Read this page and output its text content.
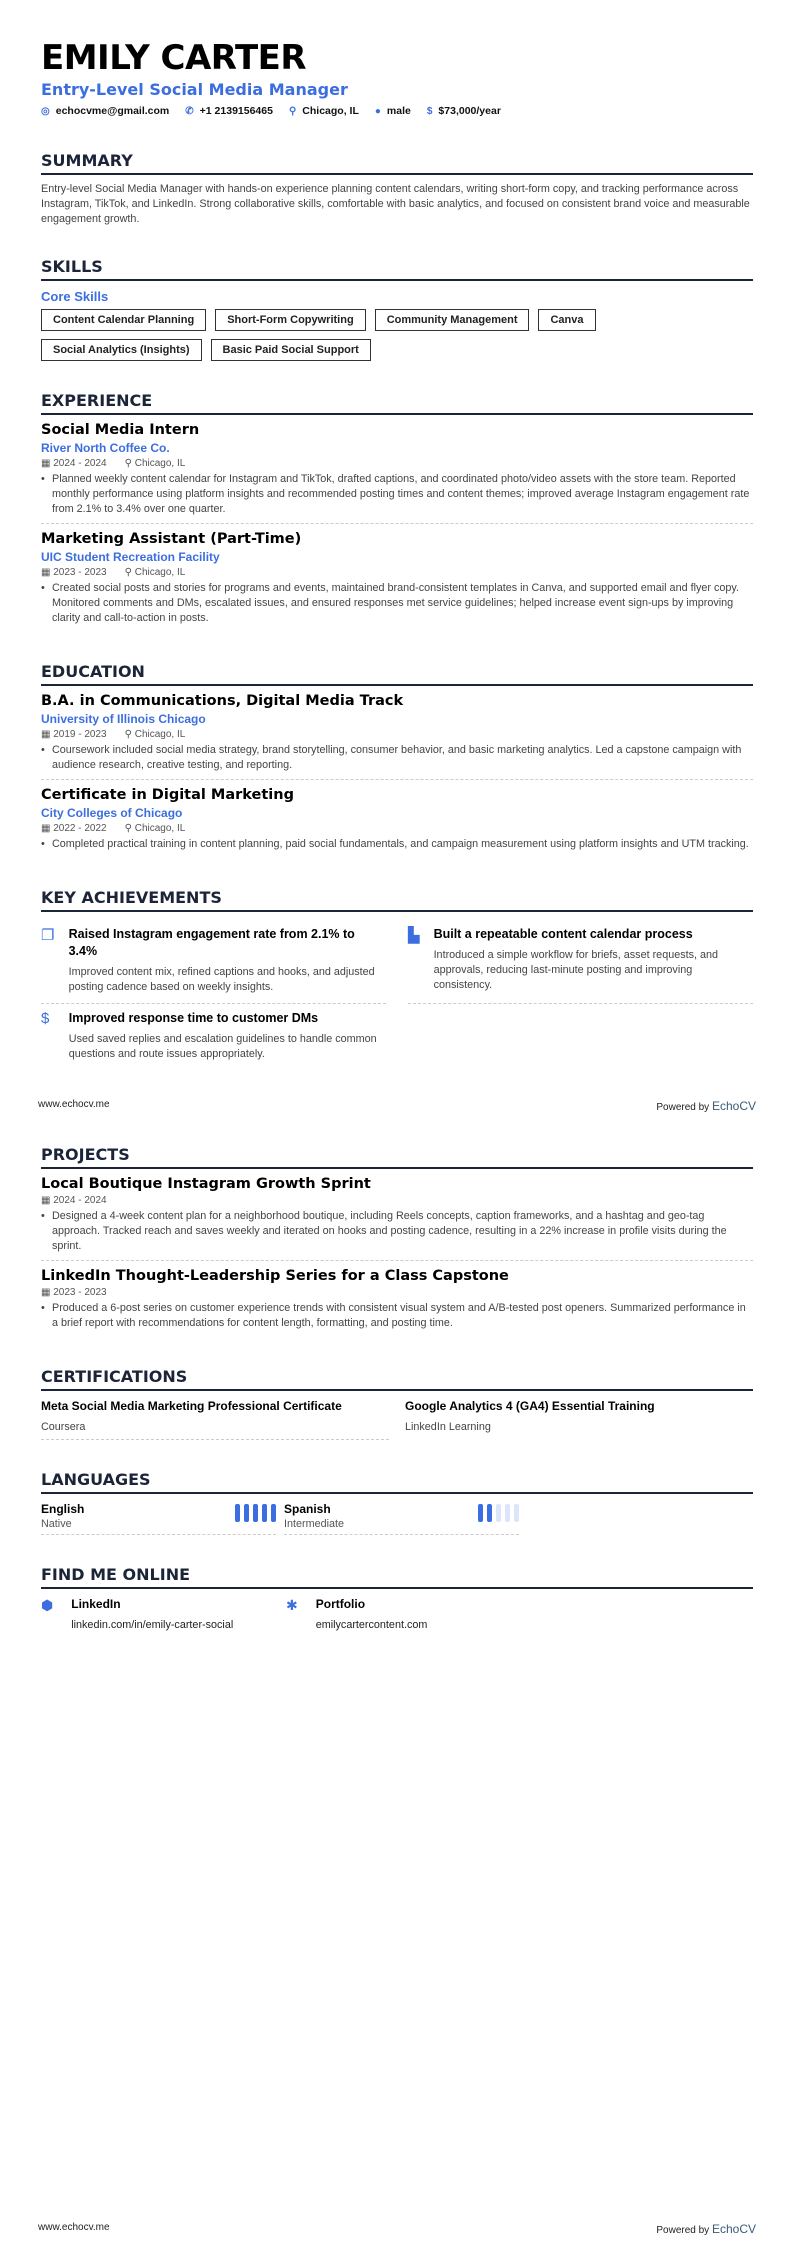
EMILY CARTER
Entry-Level Social Media Manager
◎ echocvme@gmail.com ✆ +1 2139156465 ⚲ Chicago, IL ● male $ $73,000/year
SUMMARY

Entry-level Social Media Manager with hands-on experience planning content calendars, writing short-form copy, and tracking performance across Instagram, TikTok, and LinkedIn. Strong collaborative skills, comfortable with basic analytics, and focused on consistent brand voice and measurable engagement growth.

SKILLS
Core Skills
Content Calendar Planning	Short-Form Copywriting	Community Management	Canva
Social Analytics (Insights)	Basic Paid Social Support
EXPERIENCE
Social Media Intern
River North Coffee Co.
▦ 2024 - 2024 ⚲ Chicago, IL
• Planned weekly content calendar for Instagram and TikTok, drafted captions, and coordinated photo/video assets with the store team. Reported monthly performance using platform insights and recommended posting times and content themes; improved average Instagram engagement rate from 2.1% to 3.4% over one quarter.
Marketing Assistant (Part-Time)
UIC Student Recreation Facility
▦ 2023 - 2023 ⚲ Chicago, IL
• Created social posts and stories for programs and events, maintained brand-consistent templates in Canva, and supported email and flyer copy. Monitored comments and DMs, escalated issues, and ensured responses met service guidelines; helped increase event sign-ups by improving clarity and call-to-action in posts.
EDUCATION
B.A. in Communications, Digital Media Track
University of Illinois Chicago
▦ 2019 - 2023 ⚲ Chicago, IL
• Coursework included social media strategy, brand storytelling, consumer behavior, and basic marketing analytics. Led a capstone campaign with audience research, creative testing, and reporting.
Certificate in Digital Marketing
City Colleges of Chicago
▦ 2022 - 2022 ⚲ Chicago, IL
• Completed practical training in content planning, paid social fundamentals, and campaign measurement using platform insights and UTM tracking.
KEY ACHIEVEMENTS
❐ Raised Instagram engagement rate from 2.1% to 3.4%
Improved content mix, refined captions and hooks, and adjusted posting cadence based on weekly insights.
▙ Built a repeatable content calendar process
Introduced a simple workflow for briefs, asset requests, and approvals, reducing last-minute posting and improving consistency.
$	Improved response time to customer DMs
Used saved replies and escalation guidelines to handle common questions and route issues appropriately.
www.echocv.me	Powered by EchoCV
PROJECTS
Local Boutique Instagram Growth Sprint
▦ 2024 - 2024
• Designed a 4-week content plan for a neighborhood boutique, including Reels concepts, caption frameworks, and a hashtag and geo-tag approach. Tracked reach and saves weekly and iterated on hooks and posting cadence, resulting in a 22% increase in profile visits during the sprint.
LinkedIn Thought-Leadership Series for a Class Capstone
▦ 2023 - 2023
• Produced a 6-post series on customer experience trends with consistent visual system and A/B-tested post openers. Summarized performance in a brief report with recommendations for content length, formatting, and posting time.
CERTIFICATIONS
Meta Social Media Marketing Professional Certificate
Coursera
Google Analytics 4 (GA4) Essential Training
LinkedIn Learning
LANGUAGES
English
Native
Spanish
Intermediate
FIND ME ONLINE
⬢ LinkedIn
linkedin.com/in/emily-carter-social
✱ Portfolio
emilycartercontent.com
www.echocv.me	Powered by EchoCV
